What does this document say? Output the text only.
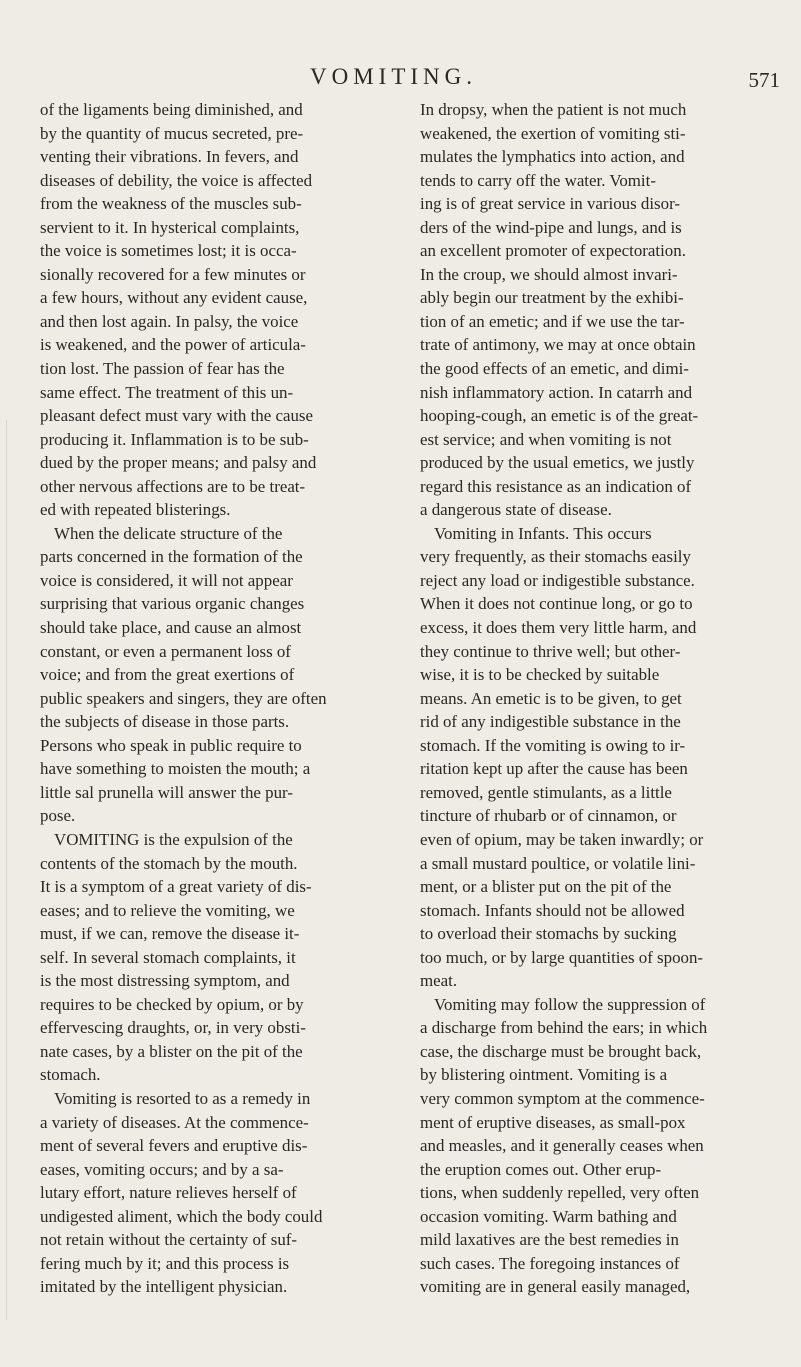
VOMITING.	571
of the ligaments being diminished, and
by the quantity of mucus secreted, pre-
venting their vibrations. In fevers, and
diseases of debility, the voice is affected
from the weakness of the muscles sub-
servient to it. In hysterical complaints,
the voice is sometimes lost; it is occa-
sionally recovered for a few minutes or
a few hours, without any evident cause,
and then lost again. In palsy, the voice
is weakened, and the power of articula-
tion lost. The passion of fear has the
same effect. The treatment of this un-
pleasant defect must vary with the cause
producing it. Inflammation is to be sub-
dued by the proper means; and palsy and
other nervous affections are to be treat-
ed with repeated blisterings.
When the delicate structure of the
parts concerned in the formation of the
voice is considered, it will not appear
surprising that various organic changes
should take place, and cause an almost
constant, or even a permanent loss of
voice; and from the great exertions of
public speakers and singers, they are often
the subjects of disease in those parts.
Persons who speak in public require to
have something to moisten the mouth; a
little sal prunella will answer the pur-
pose.
VOMITING is the expulsion of the
contents of the stomach by the mouth.
It is a symptom of a great variety of dis-
eases; and to relieve the vomiting, we
must, if we can, remove the disease it-
self. In several stomach complaints, it
is the most distressing symptom, and
requires to be checked by opium, or by
effervescing draughts, or, in very obsti-
nate cases, by a blister on the pit of the
stomach.
Vomiting is resorted to as a remedy in
a variety of diseases. At the commence-
ment of several fevers and eruptive dis-
eases, vomiting occurs; and by a sa-
lutary effort, nature relieves herself of
undigested aliment, which the body could
not retain without the certainty of suf-
fering much by it; and this process is
imitated by the intelligent physician.
In dropsy, when the patient is not much
weakened, the exertion of vomiting sti-
mulates the lymphatics into action, and
tends to carry off the water. Vomit-
ing is of great service in various disor-
ders of the wind-pipe and lungs, and is
an excellent promoter of expectoration.
In the croup, we should almost invari-
ably begin our treatment by the exhibi-
tion of an emetic; and if we use the tar-
trate of antimony, we may at once obtain
the good effects of an emetic, and dimi-
nish inflammatory action. In catarrh and
hooping-cough, an emetic is of the great-
est service; and when vomiting is not
produced by the usual emetics, we justly
regard this resistance as an indication of
a dangerous state of disease.
Vomiting in Infants. This occurs
very frequently, as their stomachs easily
reject any load or indigestible substance.
When it does not continue long, or go to
excess, it does them very little harm, and
they continue to thrive well; but other-
wise, it is to be checked by suitable
means. An emetic is to be given, to get
rid of any indigestible substance in the
stomach. If the vomiting is owing to ir-
ritation kept up after the cause has been
removed, gentle stimulants, as a little
tincture of rhubarb or of cinnamon, or
even of opium, may be taken inwardly; or
a small mustard poultice, or volatile lini-
ment, or a blister put on the pit of the
stomach. Infants should not be allowed
to overload their stomachs by sucking
too much, or by large quantities of spoon-
meat.
Vomiting may follow the suppression of
a discharge from behind the ears; in which
case, the discharge must be brought back,
by blistering ointment. Vomiting is a
very common symptom at the commence-
ment of eruptive diseases, as small-pox
and measles, and it generally ceases when
the eruption comes out. Other erup-
tions, when suddenly repelled, very often
occasion vomiting. Warm bathing and
mild laxatives are the best remedies in
such cases. The foregoing instances of
vomiting are in general easily managed,
